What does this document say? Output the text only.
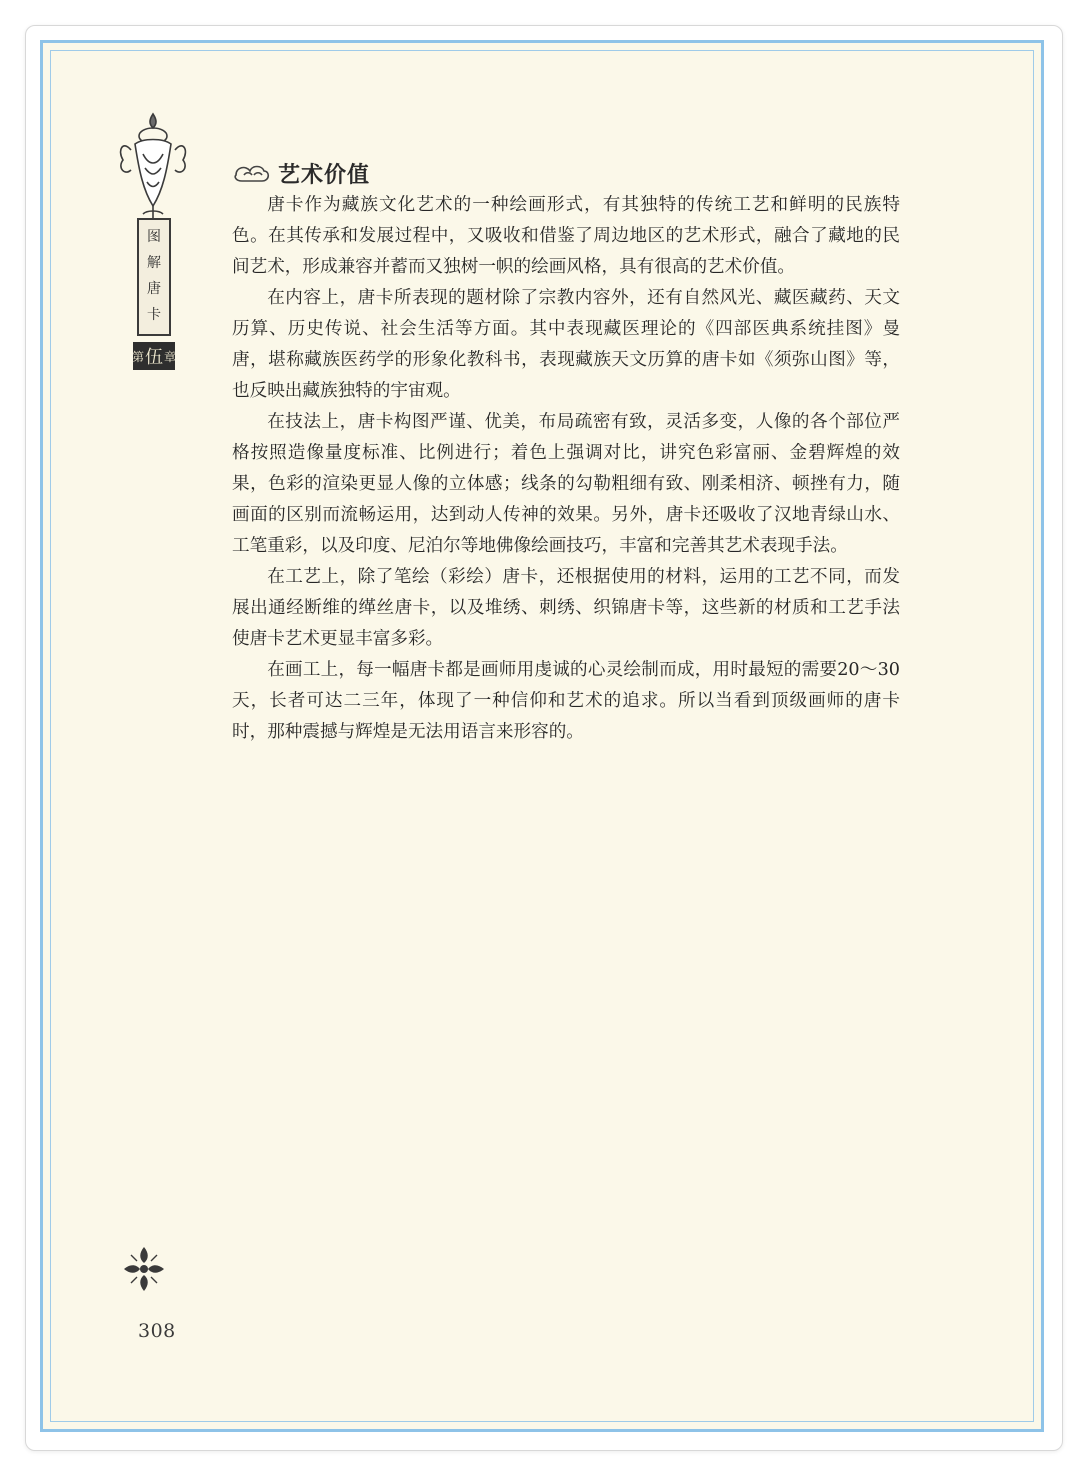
图
解
唐
卡
第 伍 章
艺术价值

唐卡作为藏族文化艺术的一种绘画形式，有其独特的传统工艺和鲜明的民族特色。在其传承和发展过程中，又吸收和借鉴了周边地区的艺术形式，融合了藏地的民间艺术，形成兼容并蓄而又独树一帜的绘画风格，具有很高的艺术价值。

在内容上，唐卡所表现的题材除了宗教内容外，还有自然风光、藏医藏药、天文历算、历史传说、社会生活等方面。其中表现藏医理论的《四部医典系统挂图》曼唐，堪称藏族医药学的形象化教科书，表现藏族天文历算的唐卡如《须弥山图》等，也反映出藏族独特的宇宙观。

在技法上，唐卡构图严谨、优美，布局疏密有致，灵活多变，人像的各个部位严格按照造像量度标准、比例进行；着色上强调对比，讲究色彩富丽、金碧辉煌的效果，色彩的渲染更显人像的立体感；线条的勾勒粗细有致、刚柔相济、顿挫有力，随画面的区别而流畅运用，达到动人传神的效果。另外，唐卡还吸收了汉地青绿山水、工笔重彩，以及印度、尼泊尔等地佛像绘画技巧，丰富和完善其艺术表现手法。

在工艺上，除了笔绘（彩绘）唐卡，还根据使用的材料，运用的工艺不同，而发展出通经断维的缂丝唐卡，以及堆绣、刺绣、织锦唐卡等，这些新的材质和工艺手法使唐卡艺术更显丰富多彩。

在画工上，每一幅唐卡都是画师用虔诚的心灵绘制而成，用时最短的需要20～30天，长者可达二三年，体现了一种信仰和艺术的追求。所以当看到顶级画师的唐卡时，那种震撼与辉煌是无法用语言来形容的。

308
